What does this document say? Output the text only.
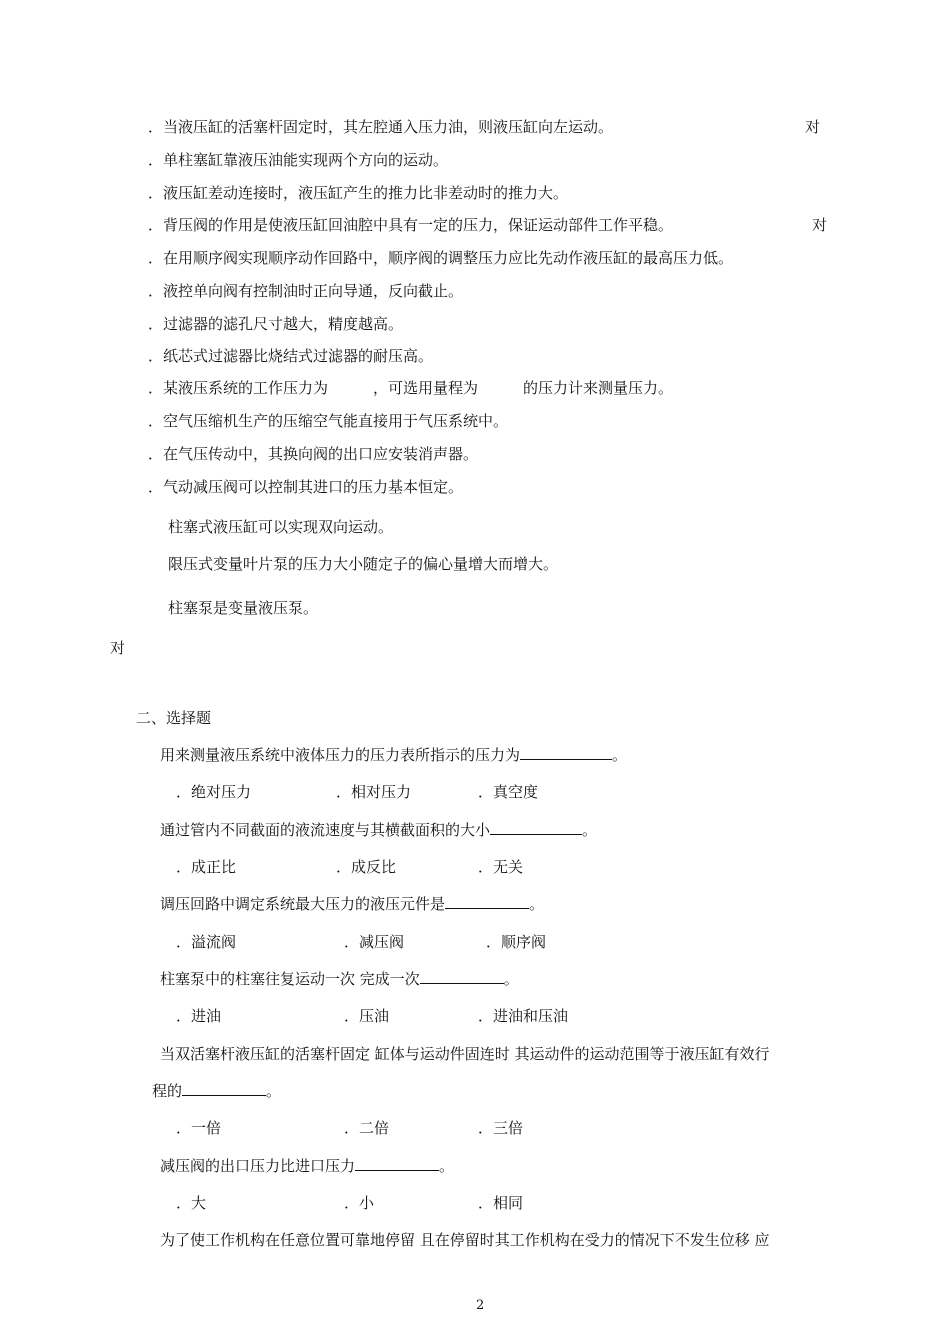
．当液压缸的活塞杆固定时，其左腔通入压力油，则液压缸向左运动。	对
．单柱塞缸靠液压油能实现两个方向的运动。
．液压缸差动连接时，液压缸产生的推力比非差动时的推力大。
．背压阀的作用是使液压缸回油腔中具有一定的压力，保证运动部件工作平稳。	对
．在用顺序阀实现顺序动作回路中，顺序阀的调整压力应比先动作液压缸的最高压力低。
．液控单向阀有控制油时正向导通，反向截止。
．过滤器的滤孔尺寸越大，精度越高。
．纸芯式过滤器比烧结式过滤器的耐压高。
．某液压系统的工作压力为　　　，可选用量程为　　　的压力计来测量压力。
．空气压缩机生产的压缩空气能直接用于气压系统中。
．在气压传动中，其换向阀的出口应安装消声器。
．气动减压阀可以控制其进口的压力基本恒定。
柱塞式液压缸可以实现双向运动。
限压式变量叶片泵的压力大小随定子的偏心量增大而增大。
柱塞泵是变量液压泵。
对
二、选择题
用来测量液压系统中液体压力的压力表所指示的压力为	。
．绝对压力	．相对压力	．真空度
通过管内不同截面的液流速度与其横截面积的大小	。
．成正比	．成反比	．无关
调压回路中调定系统最大压力的液压元件是	。
．溢流阀	．减压阀	．顺序阀
柱塞泵中的柱塞往复运动一次 完成一次	。
．进油	．压油	．进油和压油
当双活塞杆液压缸的活塞杆固定 缸体与运动件固连时 其运动件的运动范围等于液压缸有效行
程的	。
．一倍	．二倍	．三倍
减压阀的出口压力比进口压力	。
．大	．小	．相同
为了使工作机构在任意位置可靠地停留 且在停留时其工作机构在受力的情况下不发生位移 应
2
